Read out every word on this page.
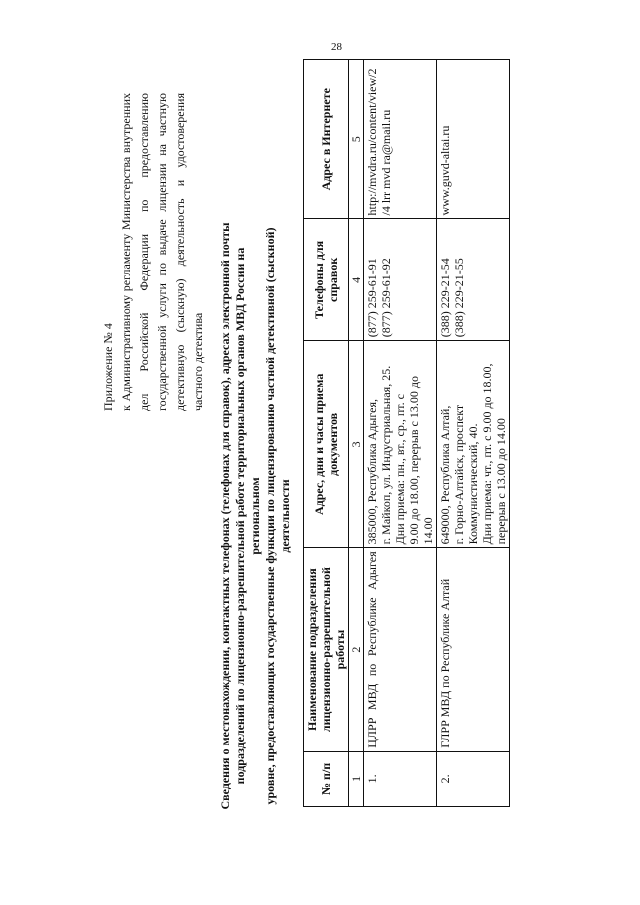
28
Приложение № 4 к Административному регламенту Министерства внутренних дел Российской Федерации по предоставлению государственной услуги по выдаче лицензии на частную детективную (сыскную) деятельность и удостоверения частного детектива Сведения о местонахождении, контактных телефонах (телефонах для справок), адресах электронной почты подразделений по лицензионно-разрешительной работе территориальных органов МВД России на региональном уровне, предоставляющих государственные функции по лицензированию частной детективной (сыскной) деятельности
№ п/п	Наименование подразделения лицензионно-разрешительной работы	Адрес, дни и часы приема документов	Телефоны для справок	Адрес в Интернете
1	2	3	4	5
1.	ЦЛРР МВД по Республике Адыгея	385000, Республика Адыгея, г. Майкоп, ул. Индустриальная, 25. Дни приема: пн., вт., ср., пт. с 9.00 до 18.00, перерыв с 13.00 до 14.00	(877) 259-61-91 (877) 259-61-92	http://mvdra.ru/content/view/2 /4 lrr mvd ra@mail.ru

2.	ГЛРР МВД по Республике Алтай	649000, Республика Алтай, г. Горно-Алтайск, проспект Коммунистический, 40. Дни приема: чт., пт. с 9.00 до 18.00, перерыв с 13.00 до 14.00	(388) 229-21-54 (388) 229-21-55	www.guvd-altai.ru
